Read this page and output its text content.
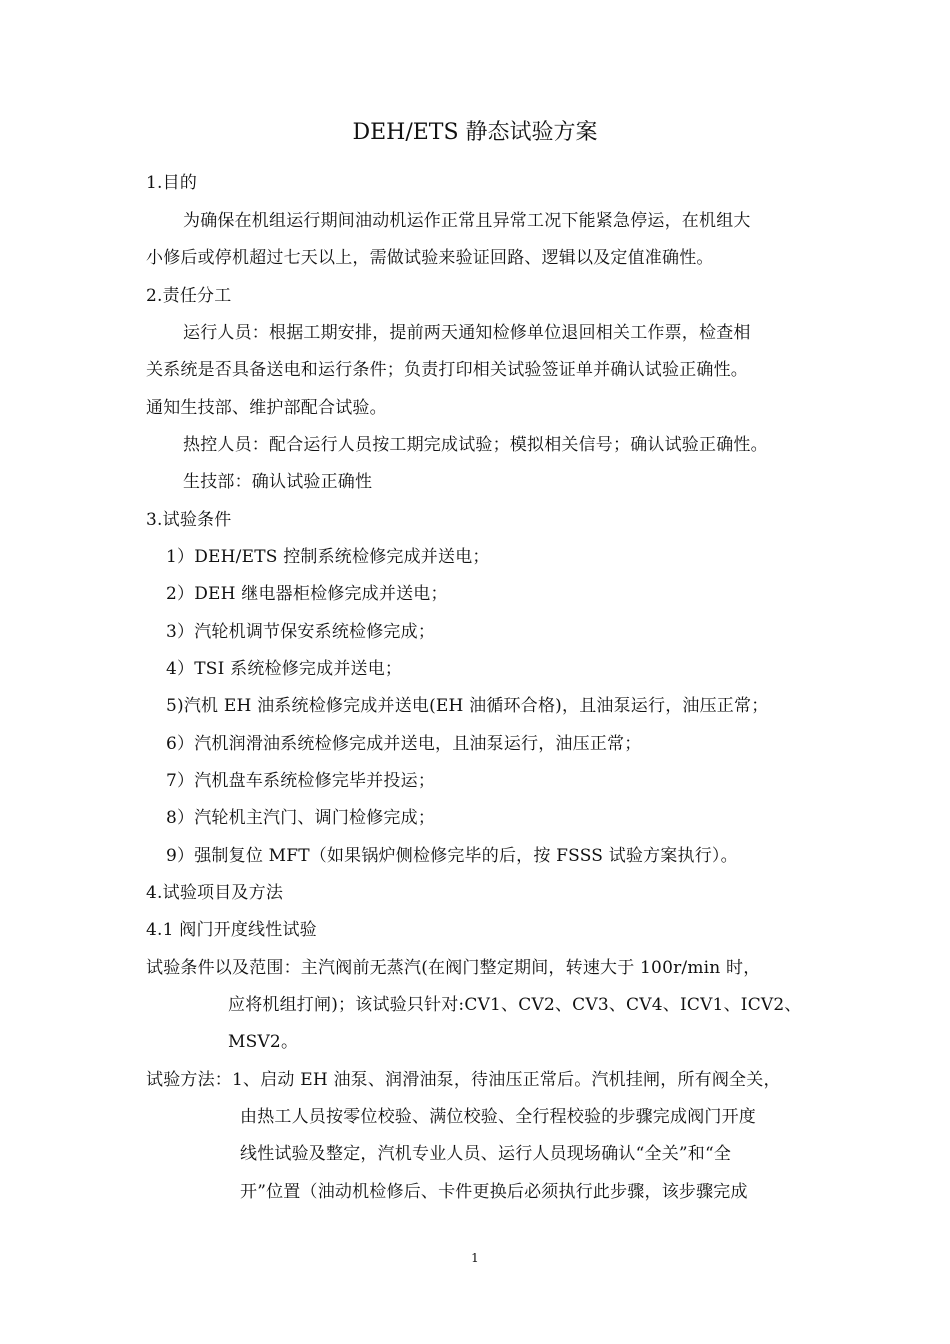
DEH/ETS 静态试验方案
1.目的
为确保在机组运行期间油动机运作正常且异常工况下能紧急停运，在机组大
小修后或停机超过七天以上，需做试验来验证回路、逻辑以及定值准确性。
2.责任分工
运行人员：根据工期安排，提前两天通知检修单位退回相关工作票，检查相
关系统是否具备送电和运行条件；负责打印相关试验签证单并确认试验正确性。
通知生技部、维护部配合试验。
热控人员：配合运行人员按工期完成试验；模拟相关信号；确认试验正确性。
生技部：确认试验正确性
3.试验条件
1）DEH/ETS 控制系统检修完成并送电；
2）DEH 继电器柜检修完成并送电；
3）汽轮机调节保安系统检修完成；
4）TSI 系统检修完成并送电；
5)汽机 EH 油系统检修完成并送电(EH 油循环合格)，且油泵运行，油压正常；
6）汽机润滑油系统检修完成并送电，且油泵运行，油压正常；
7）汽机盘车系统检修完毕并投运；
8）汽轮机主汽门、调门检修完成；
9）强制复位 MFT（如果锅炉侧检修完毕的后，按 FSSS 试验方案执行）。
4.试验项目及方法
4.1 阀门开度线性试验
试验条件以及范围：主汽阀前无蒸汽(在阀门整定期间，转速大于 100r/min 时，
应将机组打闸)；该试验只针对:CV1、CV2、CV3、CV4、ICV1、ICV2、
MSV2。
试验方法：1、启动 EH 油泵、润滑油泵，待油压正常后。汽机挂闸，所有阀全关，
由热工人员按零位校验、满位校验、全行程校验的步骤完成阀门开度
线性试验及整定，汽机专业人员、运行人员现场确认“全关”和“全
开”位置（油动机检修后、卡件更换后必须执行此步骤，该步骤完成
1
